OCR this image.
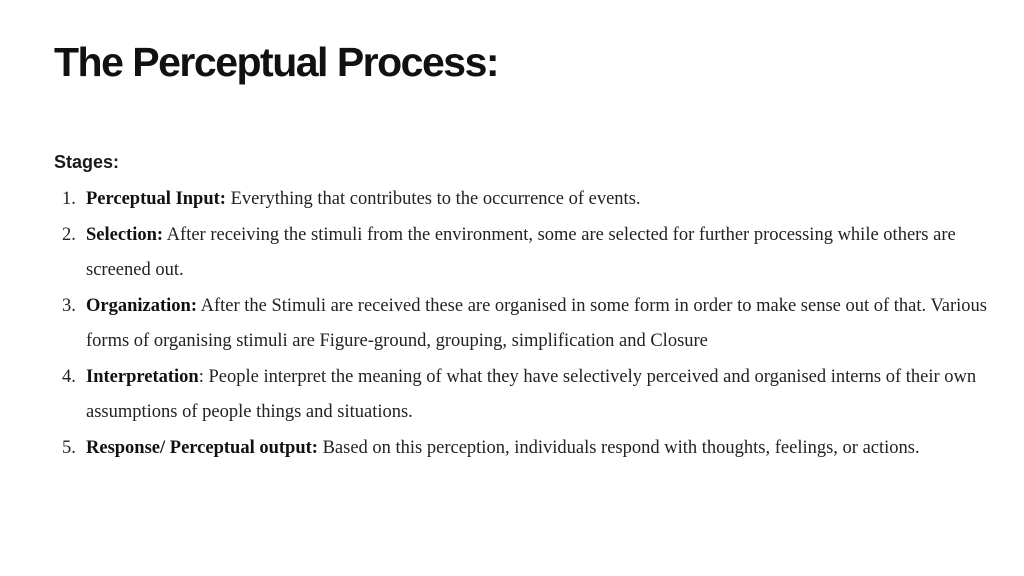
The Perceptual Process:
Stages:
1. Perceptual Input: Everything that contributes to the occurrence of events.
2. Selection: After receiving the stimuli from the environment, some are selected for further processing while others are screened out.
3. Organization: After the Stimuli are received these are organised in some form in order to make sense out of that. Various forms of organising stimuli are Figure-ground, grouping, simplification and Closure
4. Interpretation: People interpret the meaning of what they have selectively perceived and organised interns of their own assumptions of people things and situations.
5. Response/ Perceptual output: Based on this perception, individuals respond with thoughts, feelings, or actions.
